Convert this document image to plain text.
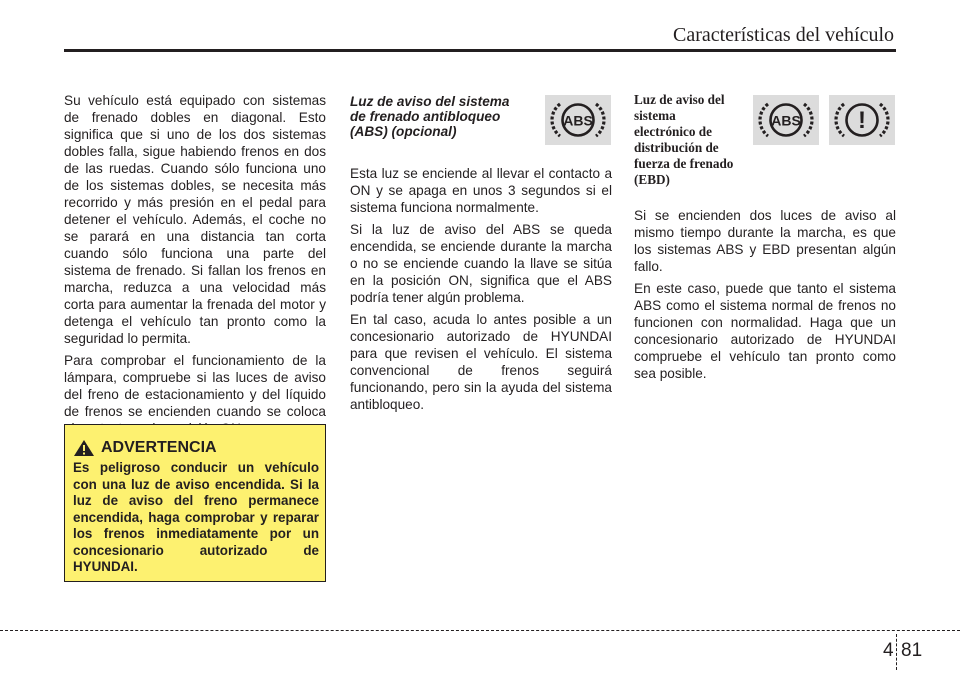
Características del vehículo

Su vehículo está equipado con sistemas de frenado dobles en diagonal. Esto significa que si uno de los dos sistemas dobles falla, sigue habiendo frenos en dos de las ruedas. Cuando sólo funciona uno de los sistemas dobles, se necesita más recorrido y más presión en el pedal para detener el vehículo. Además, el coche no se parará en una distancia tan corta cuando sólo funciona una parte del sistema de frenado. Si fallan los frenos en marcha, reduzca a una velocidad más corta para aumentar la frenada del motor y detenga el vehículo tan pronto como la seguridad lo permita.

Para comprobar el funcionamiento de la lámpara, compruebe si las luces de aviso del freno de estacionamiento y del líquido de frenos se encienden cuando se coloca

ADVERTENCIA
Es peligroso conducir un vehículo con una luz de aviso encendida. Si la luz de aviso del freno permanece encendida, haga comprobar y reparar los frenos inmediatamente por un concesionario autorizado de HYUNDAI.
Luz de aviso del sistema de frenado antibloqueo (ABS) (opcional)

Esta luz se enciende al llevar el contacto a ON y se apaga en unos 3 segundos si el sistema funciona normalmente.

Si la luz de aviso del ABS se queda encendida, se enciende durante la marcha o no se enciende cuando la llave se sitúa en la posición ON, significa que el ABS podría tener algún problema.

En tal caso, acuda lo antes posible a un concesionario autorizado de HYUNDAI para que revisen el vehículo. El sistema convencional de frenos seguirá funcionando, pero sin la ayuda del sistema antibloqueo.

ABS
Luz de aviso del sistema electrónico de distribución de fuerza de frenado (EBD)

Si se encienden dos luces de aviso al mismo tiempo durante la marcha, es que los sistemas ABS y EBD presentan algún fallo.

En este caso, puede que tanto el sistema ABS como el sistema normal de frenos no funcionen con normalidad. Haga que un concesionario autorizado de HYUNDAI compruebe el vehículo tan pronto como sea posible.

ABS !
4 81
